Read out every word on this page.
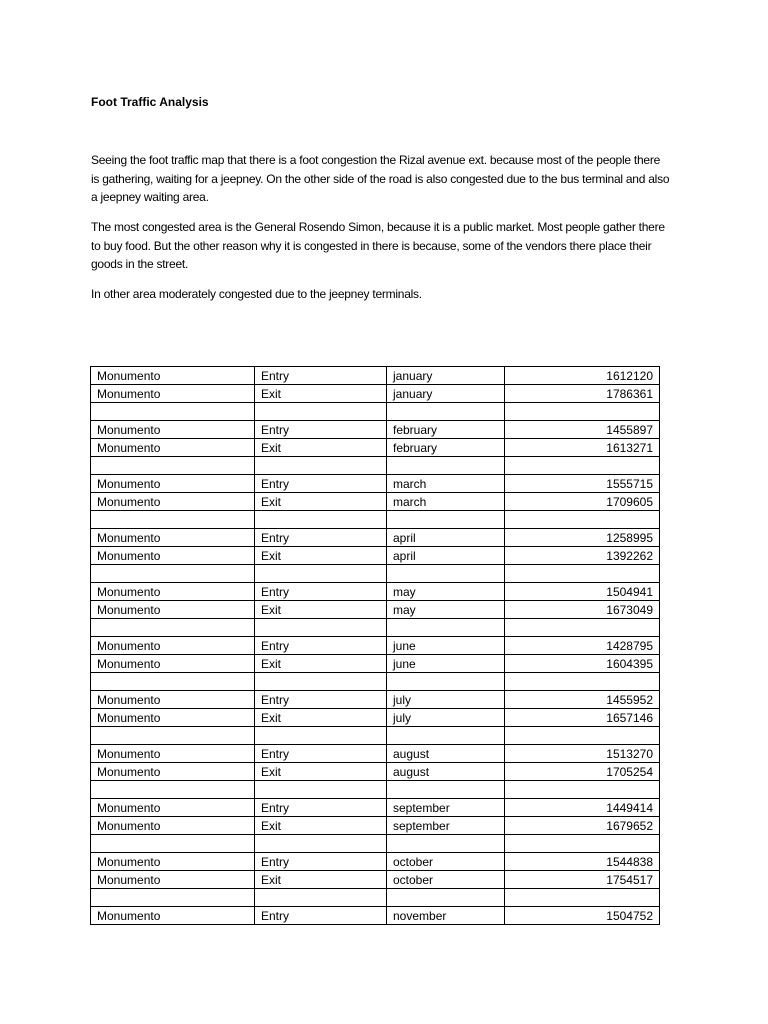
Foot Traffic Analysis

Seeing the foot traffic map that there is a foot congestion the Rizal avenue ext. because most of the people there is gathering, waiting for a jeepney. On the other side of the road is also congested due to the bus terminal and also a jeepney waiting area.

The most congested area is the General Rosendo Simon, because it is a public market. Most people gather there to buy food. But the other reason why it is congested in there is because, some of the vendors there place their goods in the street.

In other area moderately congested due to the jeepney terminals.

Monumento	Entry	january	1612120
Monumento	Exit	january	1786361

Monumento	Entry	february	1455897
Monumento	Exit	february	1613271

Monumento	Entry	march	1555715
Monumento	Exit	march	1709605

Monumento	Entry	april	1258995
Monumento	Exit	april	1392262

Monumento	Entry	may	1504941
Monumento	Exit	may	1673049

Monumento	Entry	june	1428795
Monumento	Exit	june	1604395

Monumento	Entry	july	1455952
Monumento	Exit	july	1657146

Monumento	Entry	august	1513270
Monumento	Exit	august	1705254

Monumento	Entry	september	1449414
Monumento	Exit	september	1679652

Monumento	Entry	october	1544838
Monumento	Exit	october	1754517

Monumento	Entry	november	1504752
